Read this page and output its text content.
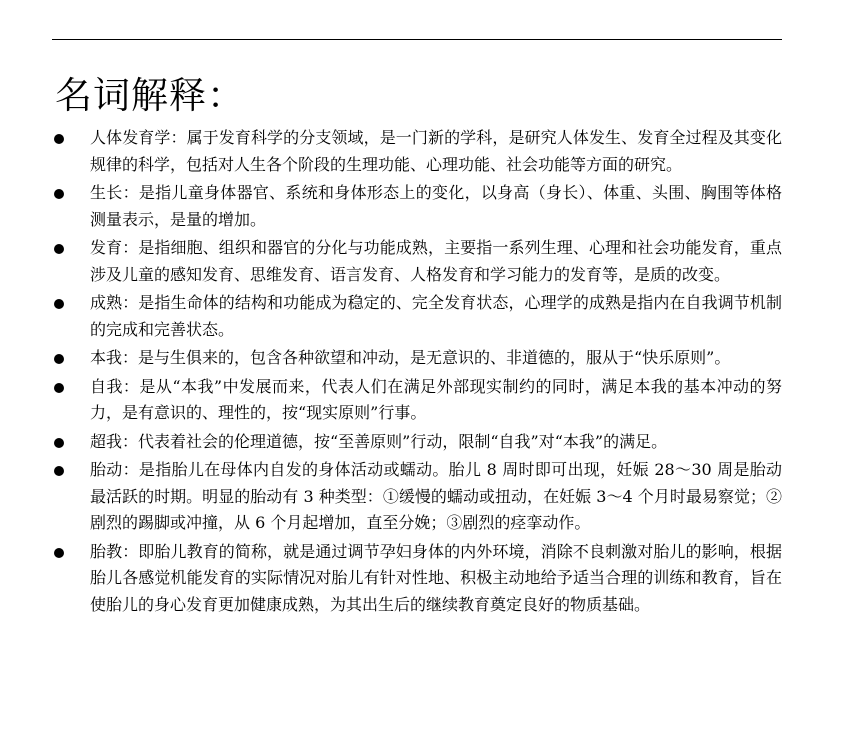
名词解释：
人体发育学：属于发育科学的分支领域，是一门新的学科，是研究人体发生、发育全过程及其变化规律的科学，包括对人生各个阶段的生理功能、心理功能、社会功能等方面的研究。
生长：是指儿童身体器官、系统和身体形态上的变化，以身高（身长）、体重、头围、胸围等体格测量表示，是量的增加。
发育：是指细胞、组织和器官的分化与功能成熟，主要指一系列生理、心理和社会功能发育，重点涉及儿童的感知发育、思维发育、语言发育、人格发育和学习能力的发育等，是质的改变。
成熟：是指生命体的结构和功能成为稳定的、完全发育状态，心理学的成熟是指内在自我调节机制的完成和完善状态。
本我：是与生俱来的，包含各种欲望和冲动，是无意识的、非道德的，服从于“快乐原则”。
自我：是从“本我”中发展而来，代表人们在满足外部现实制约的同时，满足本我的基本冲动的努力，是有意识的、理性的，按“现实原则”行事。
超我：代表着社会的伦理道德，按“至善原则”行动，限制“自我”对“本我”的满足。
胎动：是指胎儿在母体内自发的身体活动或蠕动。胎儿 8 周时即可出现，妊娠 28～30 周是胎动最活跃的时期。明显的胎动有 3 种类型：①缓慢的蠕动或扭动，在妊娠 3～4 个月时最易察觉；②剧烈的踢脚或冲撞，从 6 个月起增加，直至分娩；③剧烈的痉挛动作。
胎教：即胎儿教育的简称，就是通过调节孕妇身体的内外环境，消除不良刺激对胎儿的影响，根据胎儿各感觉机能发育的实际情况对胎儿有针对性地、积极主动地给予适当合理的训练和教育，旨在使胎儿的身心发育更加健康成熟，为其出生后的继续教育奠定良好的物质基础。
